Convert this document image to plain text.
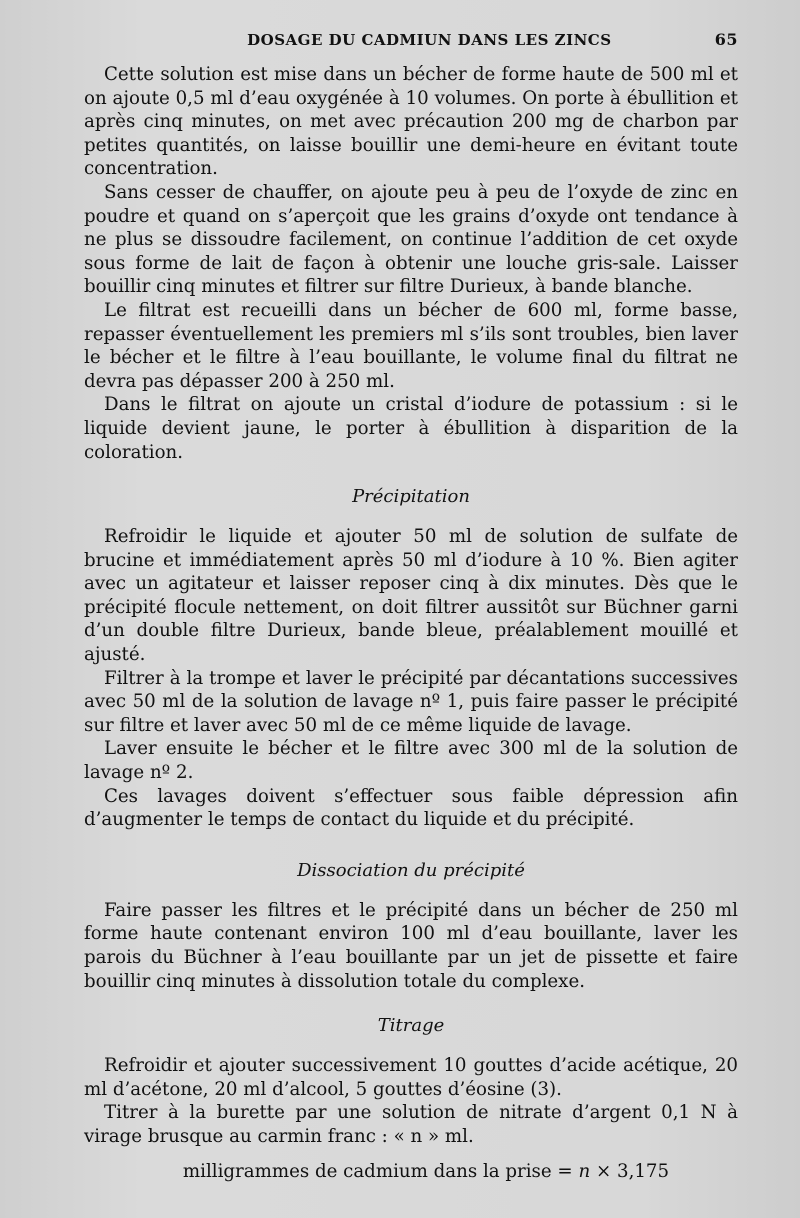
DOSAGE DU CADMIUN DANS LES ZINCS	65

Cette solution est mise dans un bécher de forme haute de 500 ml et on ajoute 0,5 ml d’eau oxygénée à 10 volumes. On porte à ébullition et après cinq minutes, on met avec précaution 200 mg de charbon par petites quantités, on laisse bouillir une demi-heure en évitant toute concentration.

Sans cesser de chauffer, on ajoute peu à peu de l’oxyde de zinc en poudre et quand on s’aperçoit que les grains d’oxyde ont tendance à ne plus se dissoudre facilement, on continue l’addition de cet oxyde sous forme de lait de façon à obtenir une louche gris-sale. Laisser bouillir cinq minutes et filtrer sur filtre Durieux, à bande blanche.

Le filtrat est recueilli dans un bécher de 600 ml, forme basse, repasser éventuellement les premiers ml s’ils sont troubles, bien laver le bécher et le filtre à l’eau bouillante, le volume final du filtrat ne devra pas dépasser 200 à 250 ml.

Dans le filtrat on ajoute un cristal d’iodure de potassium : si le liquide devient jaune, le porter à ébullition à disparition de la coloration.

Précipitation

Refroidir le liquide et ajouter 50 ml de solution de sulfate de brucine et immédiatement après 50 ml d’iodure à 10 %. Bien agiter avec un agitateur et laisser reposer cinq à dix minutes. Dès que le précipité flocule nettement, on doit filtrer aussitôt sur Büchner garni d’un double filtre Durieux, bande bleue, préalablement mouillé et ajusté.

Filtrer à la trompe et laver le précipité par décantations successives avec 50 ml de la solution de lavage nº 1, puis faire passer le précipité sur filtre et laver avec 50 ml de ce même liquide de lavage.

Laver ensuite le bécher et le filtre avec 300 ml de la solution de lavage nº 2.

Ces lavages doivent s’effectuer sous faible dépression afin d’augmenter le temps de contact du liquide et du précipité.

Dissociation du précipité

Faire passer les filtres et le précipité dans un bécher de 250 ml forme haute contenant environ 100 ml d’eau bouillante, laver les parois du Büchner à l’eau bouillante par un jet de pissette et faire bouillir cinq minutes à dissolution totale du complexe.

Titrage

Refroidir et ajouter successivement 10 gouttes d’acide acétique, 20 ml d’acétone, 20 ml d’alcool, 5 gouttes d’éosine (3).

Titrer à la burette par une solution de nitrate d’argent 0,1 N à virage brusque au carmin franc : « n » ml.

milligrammes de cadmium dans la prise = n × 3,175
